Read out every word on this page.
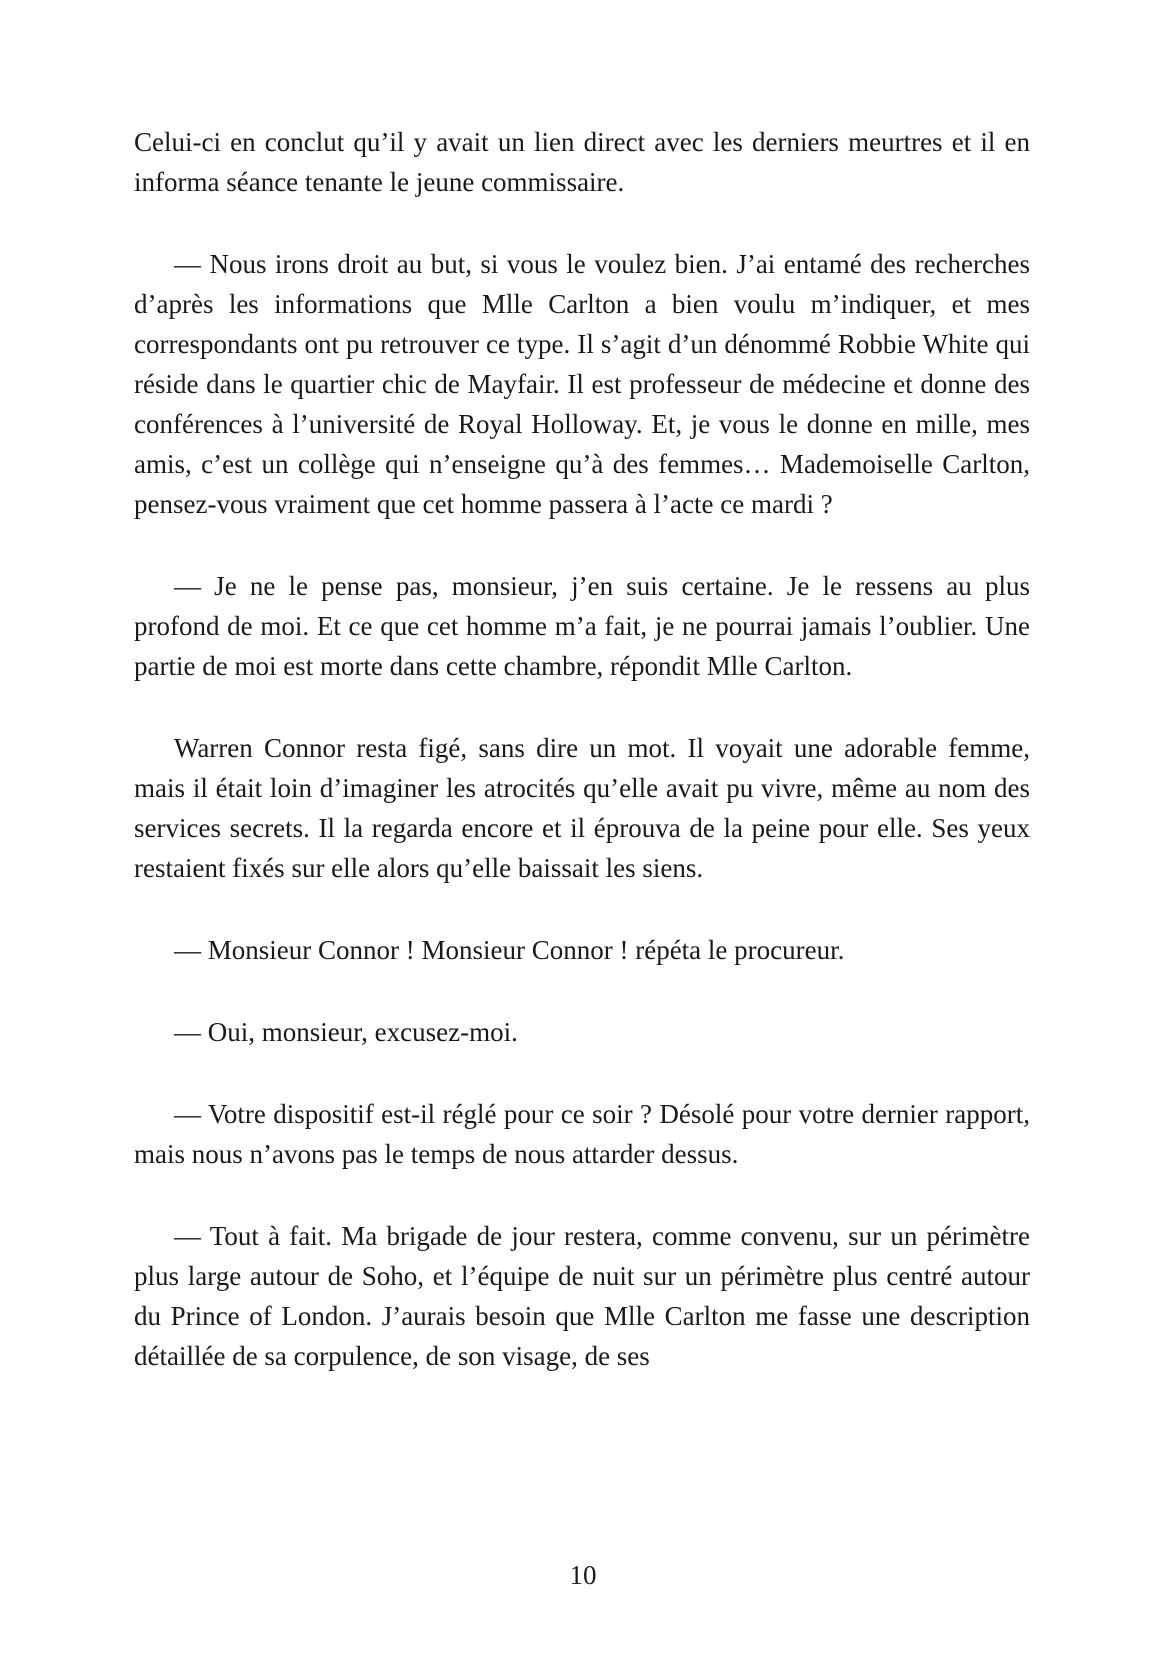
Celui-ci en conclut qu’il y avait un lien direct avec les derniers meurtres et il en informa séance tenante le jeune commissaire.

— Nous irons droit au but, si vous le voulez bien. J’ai entamé des recherches d’après les informations que Mlle Carlton a bien voulu m’indiquer, et mes correspondants ont pu retrouver ce type. Il s’agit d’un dénommé Robbie White qui réside dans le quartier chic de Mayfair. Il est professeur de médecine et donne des conférences à l’université de Royal Holloway. Et, je vous le donne en mille, mes amis, c’est un collège qui n’enseigne qu’à des femmes… Mademoiselle Carlton, pensez-vous vraiment que cet homme passera à l’acte ce mardi ?

— Je ne le pense pas, monsieur, j’en suis certaine. Je le ressens au plus profond de moi. Et ce que cet homme m’a fait, je ne pourrai jamais l’oublier. Une partie de moi est morte dans cette chambre, répondit Mlle Carlton.

Warren Connor resta figé, sans dire un mot. Il voyait une adorable femme, mais il était loin d’imaginer les atrocités qu’elle avait pu vivre, même au nom des services secrets. Il la regarda encore et il éprouva de la peine pour elle. Ses yeux restaient fixés sur elle alors qu’elle baissait les siens.

— Monsieur Connor ! Monsieur Connor ! répéta le procureur.

— Oui, monsieur, excusez-moi.

— Votre dispositif est-il réglé pour ce soir ? Désolé pour votre dernier rapport, mais nous n’avons pas le temps de nous attarder dessus.

— Tout à fait. Ma brigade de jour restera, comme convenu, sur un périmètre plus large autour de Soho, et l’équipe de nuit sur un périmètre plus centré autour du Prince of London. J’aurais besoin que Mlle Carlton me fasse une description détaillée de sa corpulence, de son visage, de ses

10
